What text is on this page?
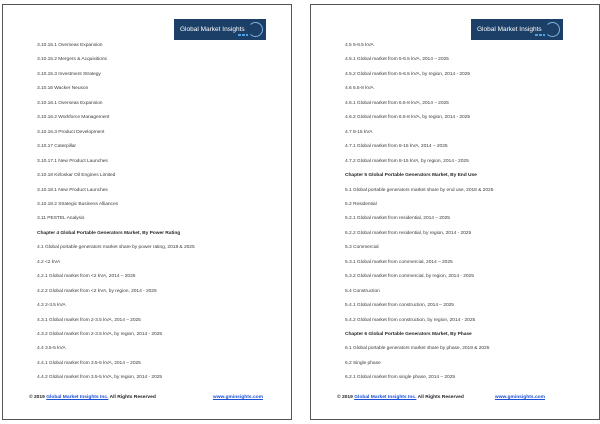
Global Market Insights
3.10.15.1 Overseas Expansion
3.10.15.2 Mergers & Acquisitions
3.10.15.3 Investment Strategy
3.10.16 Wacker Neuson
3.10.16.1 Overseas Expansion
3.10.16.2 Workforce Management
3.10.16.3 Product Development
3.10.17 Caterpillar
3.10.17.1 New Product Launches
3.10.18 Kirloskar Oil Engines Limited
3.10.18.1 New Product Launches
3.10.18.2 Strategic Business Alliances
3.11 PESTEL Analysis
Chapter 4 Global Portable Generators Market, By Power Rating
4.1 Global portable generators market share by power rating, 2018 & 2025
4.2 <2 kVA
4.2.1 Global market from <2 kVA, 2014 – 2025
4.2.2 Global market from <2 kVA, by region, 2014 - 2025
4.3 2-3.5 kVA
4.3.1 Global market from 2-3.5 kVA, 2014 – 2025
4.3.2 Global market from 2-3.5 kVA, by region, 2014 - 2025
4.4 3.5-5 kVA
4.4.1 Global market from 3.5-5 kVA, 2014 – 2025
4.4.2 Global market from 3.5-5 kVA, by region, 2014 - 2025
© 2019 Global Market Insights Inc. All Rights Reserved	www.gminsights.com
Global Market Insights
4.5 5-6.5 kVA
4.5.1 Global market from 5-6.5 kVA, 2014 – 2025
4.5.2 Global market from 5-6.5 kVA, by region, 2014 - 2025
4.6 6.5-8 kVA
4.6.1 Global market from 6.5-8 kVA, 2014 – 2025
4.6.2 Global market from 6.5-8 kVA, by region, 2014 - 2025
4.7 8-15 kVA
4.7.1 Global market from 8-15 kVA, 2014 – 2025
4.7.2 Global market from 8-15 kVA, by region, 2014 - 2025
Chapter 5 Global Portable Generators Market, By End Use
5.1 Global portable generators market share by end use, 2018 & 2025
5.2 Residential
5.2.1 Global market from residential, 2014 – 2025
5.2.2 Global market from residential, by region, 2014 - 2025
5.3 Commercial
5.3.1 Global market from commercial, 2014 – 2025
5.3.2 Global market from commercial, by region, 2014 - 2025
5.4 Construction
5.4.1 Global market from construction, 2014 – 2025
5.4.2 Global market from construction, by region, 2014 - 2025
Chapter 6 Global Portable Generators Market, By Phase
6.1 Global portable generators market share by phase, 2018 & 2025
6.2 Single phase
6.2.1 Global market from single phase, 2014 – 2025
© 2019 Global Market Insights Inc. All Rights Reserved	www.gminsights.com
